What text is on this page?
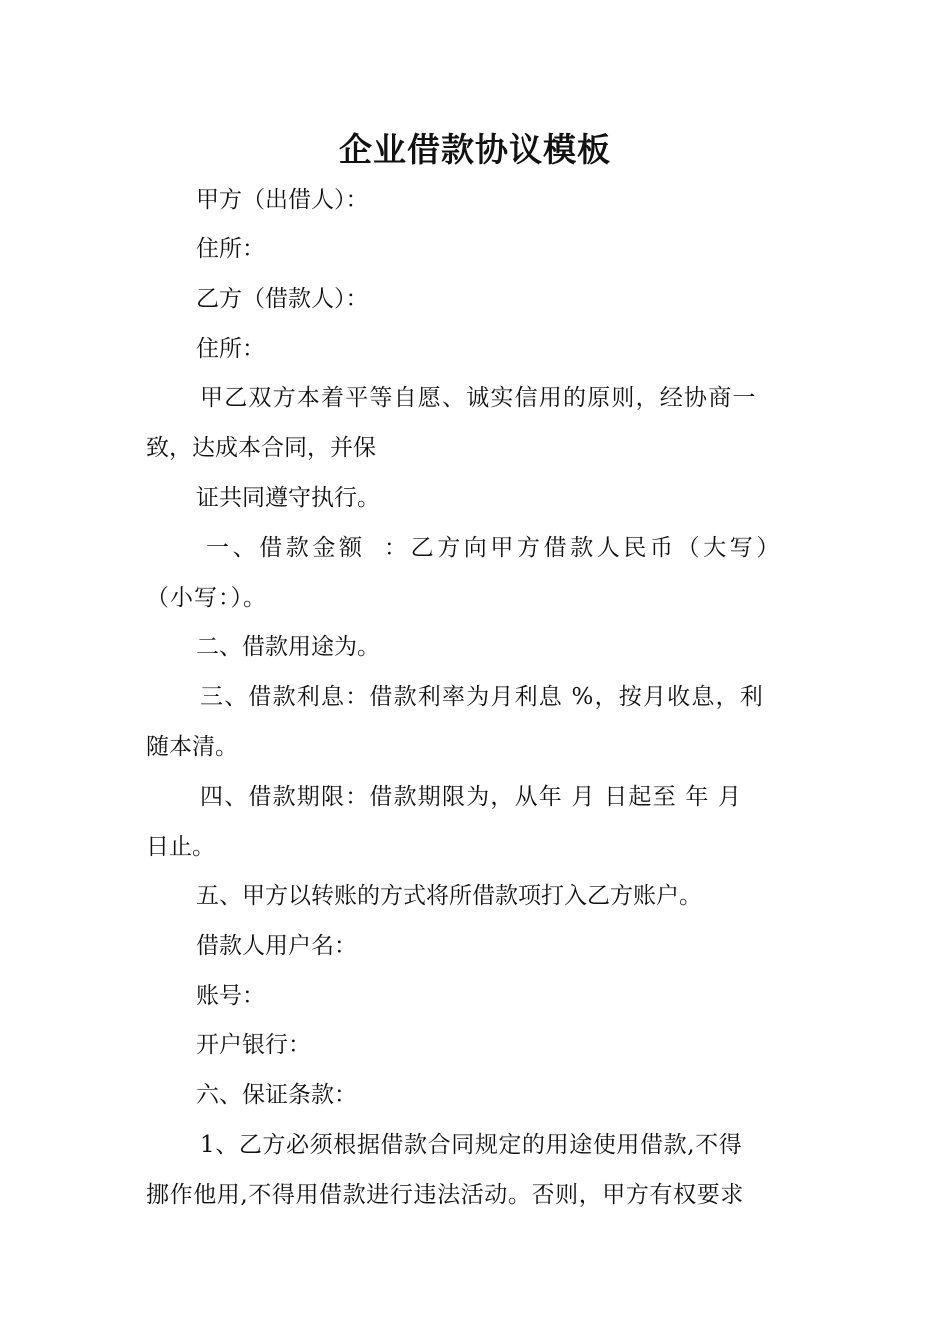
企业借款协议模板
甲方（出借人）：
住所：
乙方（借款人）：
住所：
甲乙双方本着平等自愿、诚实信用的原则，经协商一
致，达成本合同，并保
证共同遵守执行。
一、借款金额 ：乙方向甲方借款人民币（大写）
（小写：）。
二、借款用途为。
三、借款利息：借款利率为月利息 %，按月收息，利
随本清。
四、借款期限：借款期限为，从年 月 日起至 年 月
日止。
五、甲方以转账的方式将所借款项打入乙方账户。
借款人用户名：
账号：
开户银行：
六、保证条款：
1、乙方必须根据借款合同规定的用途使用借款,不得
挪作他用,不得用借款进行违法活动。否则，甲方有权要求
